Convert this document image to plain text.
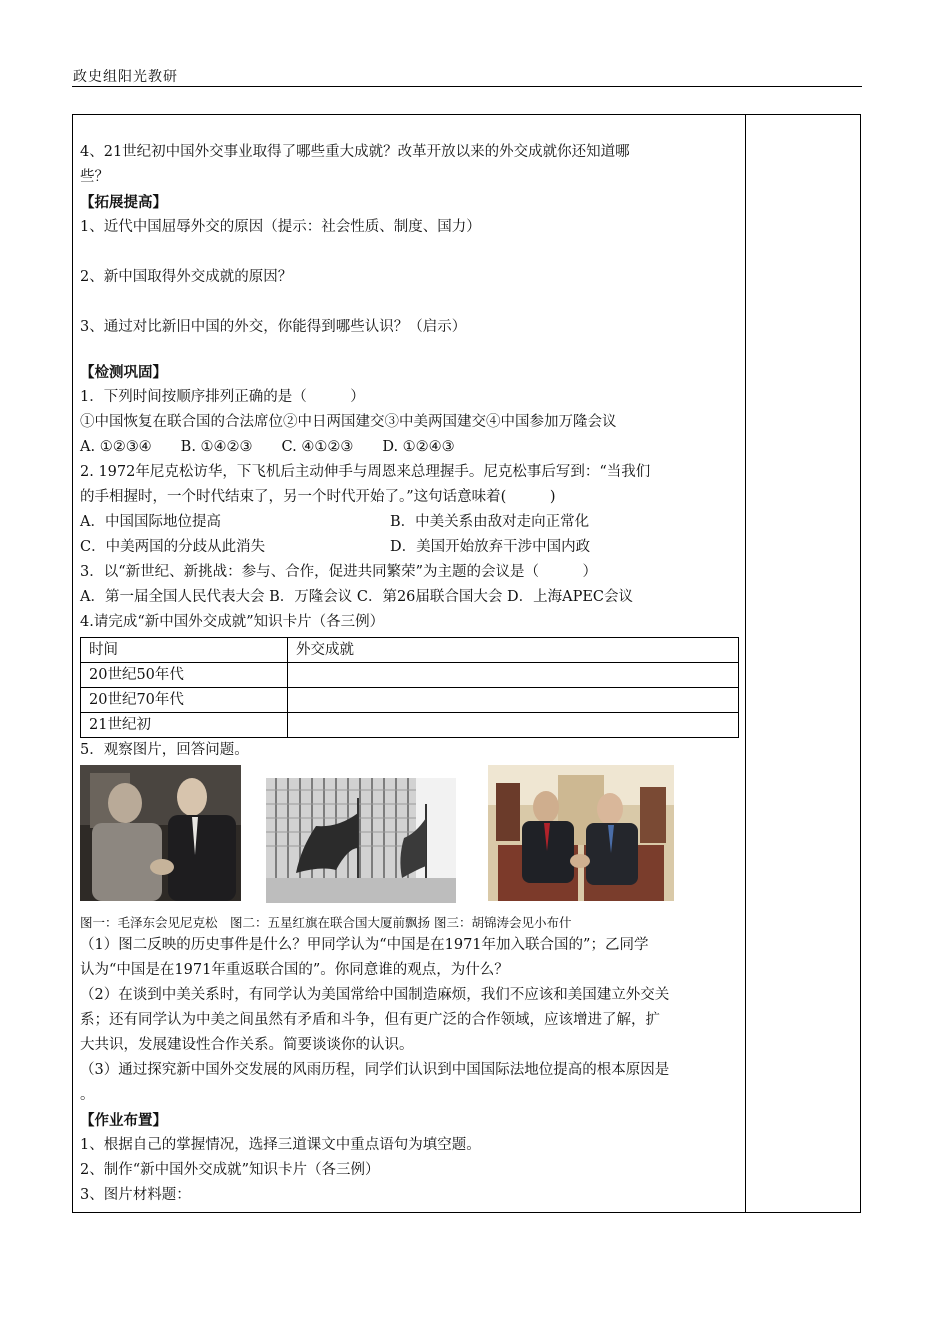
政史组阳光教研
4、21世纪初中国外交事业取得了哪些重大成就？改革开放以来的外交成就你还知道哪
些？
【拓展提高】
1、近代中国屈辱外交的原因（提示：社会性质、制度、国力）
2、新中国取得外交成就的原因？
3、通过对比新旧中国的外交，你能得到哪些认识？（启示）
【检测巩固】
1．下列时间按顺序排列正确的是（　　　）
①中国恢复在联合国的合法席位②中日两国建交③中美两国建交④中国参加万隆会议
A. ①②③④　　B. ①④②③　　C. ④①②③　　D. ①②④③
2. 1972年尼克松访华，下飞机后主动伸手与周恩来总理握手。尼克松事后写到：“当我们
的手相握时，一个时代结束了，另一个时代开始了。”这句话意味着(　　　)
A．中国国际地位提高	B．中美关系由敌对走向正常化
C．中美两国的分歧从此消失	D．美国开始放弃干涉中国内政
3．以“新世纪、新挑战：参与、合作，促进共同繁荣”为主题的会议是（　　　）
A．第一届全国人民代表大会 B．万隆会议 C．第26届联合国大会 D．上海APEC会议
4.请完成“新中国外交成就”知识卡片（各三例）
时间	外交成就
20世纪50年代	
20世纪70年代	
21世纪初	
5．观察图片，回答问题。
图一：毛泽东会见尼克松　图二：五星红旗在联合国大厦前飘扬 图三：胡锦涛会见小布什
（1）图二反映的历史事件是什么？甲同学认为“中国是在1971年加入联合国的”；乙同学
认为“中国是在1971年重返联合国的”。你同意谁的观点，为什么？
（2）在谈到中美关系时，有同学认为美国常给中国制造麻烦，我们不应该和美国建立外交关
系；还有同学认为中美之间虽然有矛盾和斗争，但有更广泛的合作领域，应该增进了解，扩
大共识，发展建设性合作关系。简要谈谈你的认识。
（3）通过探究新中国外交发展的风雨历程，同学们认识到中国国际法地位提高的根本原因是
。
【作业布置】
1、根据自己的掌握情况，选择三道课文中重点语句为填空题。
2、制作“新中国外交成就”知识卡片（各三例）
3、图片材料题：
